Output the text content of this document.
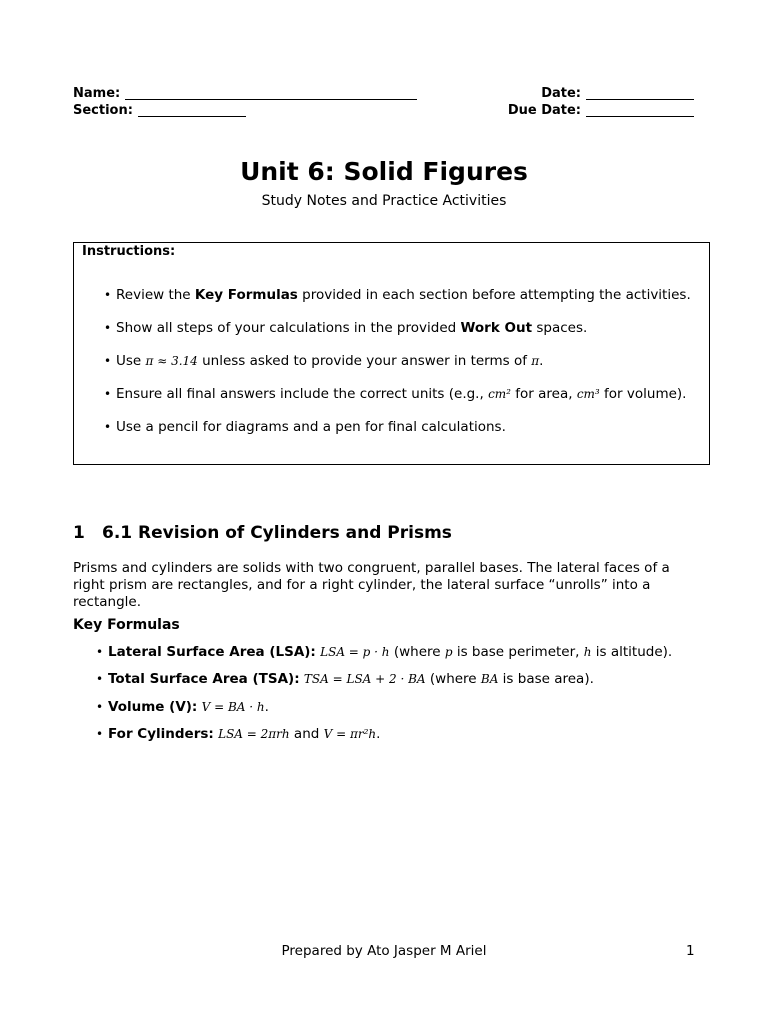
Name:
Section:
Date:
Due Date:
Unit 6: Solid Figures
Study Notes and Practice Activities
Instructions:
• Review the Key Formulas provided in each section before attempting the activities.
• Show all steps of your calculations in the provided Work Out spaces.
• Use π ≈ 3.14 unless asked to provide your answer in terms of π.
• Ensure all final answers include the correct units (e.g., cm² for area, cm³ for volume).
• Use a pencil for diagrams and a pen for final calculations.
1 6.1 Revision of Cylinders and Prisms
Prisms and cylinders are solids with two congruent, parallel bases. The lateral faces of a right prism are rectangles, and for a right cylinder, the lateral surface “unrolls” into a rectangle.
Key Formulas
• Lateral Surface Area (LSA): LSA = p · h (where p is base perimeter, h is altitude).
• Total Surface Area (TSA): TSA = LSA + 2 · BA (where BA is base area).
• Volume (V): V = BA · h.
• For Cylinders: LSA = 2πrh and V = πr²h.
Prepared by Ato Jasper M Ariel	1
